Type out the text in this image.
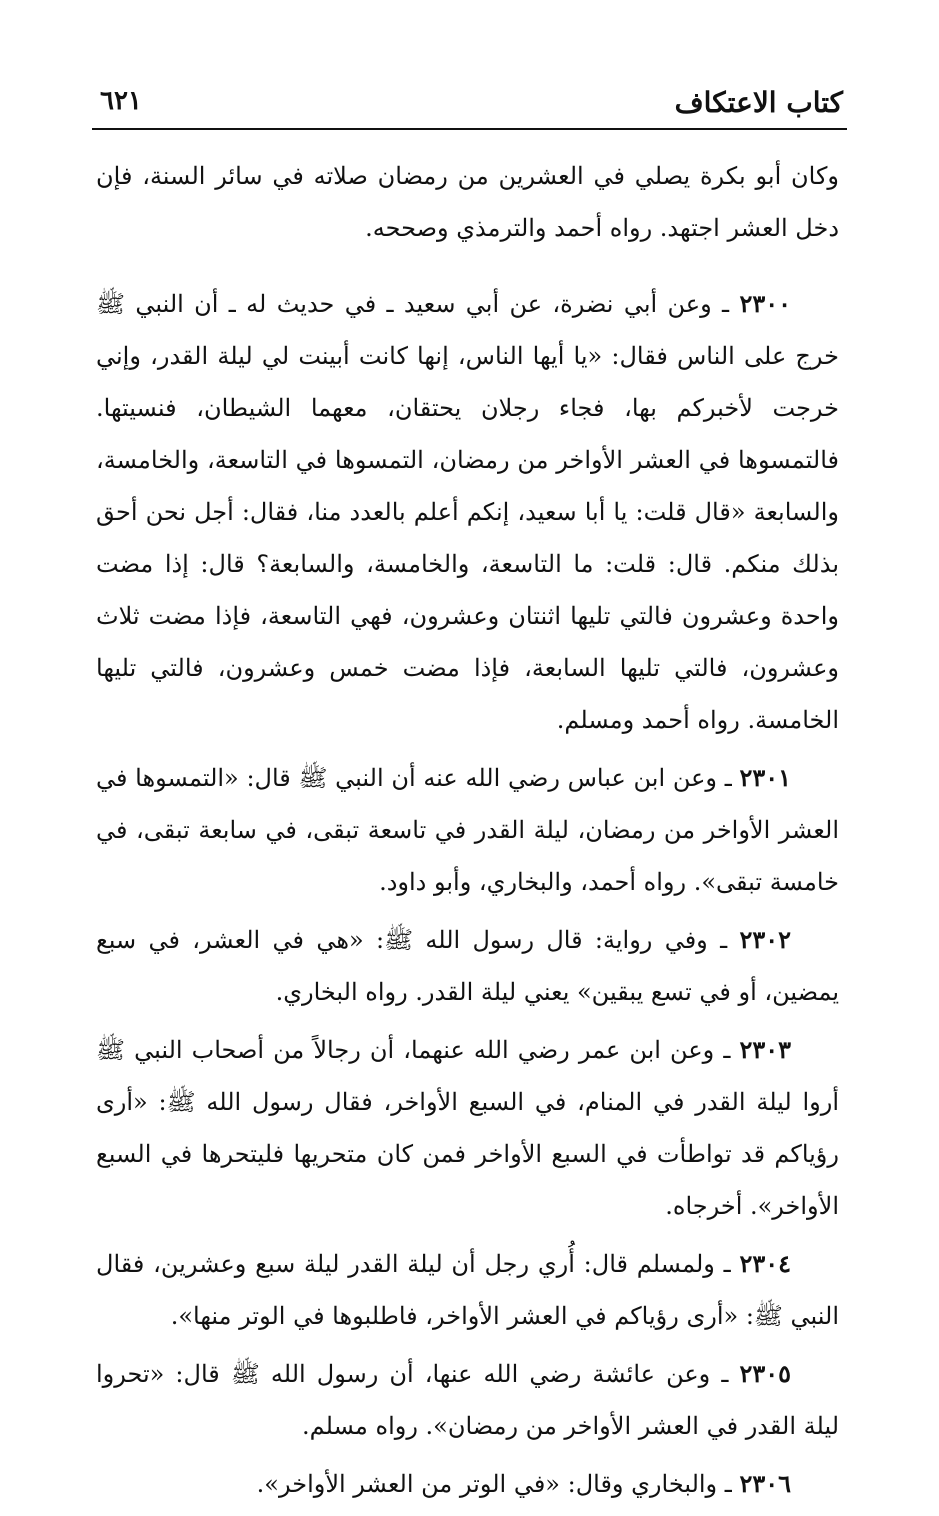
كتاب الاعتكاف
٦٢١

وكان أبو بكرة يصلي في العشرين من رمضان صلاته في سائر السنة، فإن دخل العشر اجتهد. رواه أحمد والترمذي وصححه.

٢٣٠٠ ـ وعن أبي نضرة، عن أبي سعيد ـ في حديث له ـ أن النبي ﷺ خرج على الناس فقال: «يا أيها الناس، إنها كانت أبينت لي ليلة القدر، وإني خرجت لأخبركم بها، فجاء رجلان يحتقان، معهما الشيطان، فنسيتها. فالتمسوها في العشر الأواخر من رمضان، التمسوها في التاسعة، والخامسة، والسابعة «قال قلت: يا أبا سعيد، إنكم أعلم بالعدد منا، فقال: أجل نحن أحق بذلك منكم. قال: قلت: ما التاسعة، والخامسة، والسابعة؟ قال: إذا مضت واحدة وعشرون فالتي تليها اثنتان وعشرون، فهي التاسعة، فإذا مضت ثلاث وعشرون، فالتي تليها السابعة، فإذا مضت خمس وعشرون، فالتي تليها الخامسة. رواه أحمد ومسلم.

٢٣٠١ ـ وعن ابن عباس رضي الله عنه أن النبي ﷺ قال: «التمسوها في العشر الأواخر من رمضان، ليلة القدر في تاسعة تبقى، في سابعة تبقى، في خامسة تبقى». رواه أحمد، والبخاري، وأبو داود.

٢٣٠٢ ـ وفي رواية: قال رسول الله ﷺ: «هي في العشر، في سبع يمضين، أو في تسع يبقين» يعني ليلة القدر. رواه البخاري.

٢٣٠٣ ـ وعن ابن عمر رضي الله عنهما، أن رجالاً من أصحاب النبي ﷺ أروا ليلة القدر في المنام، في السبع الأواخر، فقال رسول الله ﷺ: «أرى رؤياكم قد تواطأت في السبع الأواخر فمن كان متحريها فليتحرها في السبع الأواخر». أخرجاه.

٢٣٠٤ ـ ولمسلم قال: أُري رجل أن ليلة القدر ليلة سبع وعشرين، فقال النبي ﷺ: «أرى رؤياكم في العشر الأواخر، فاطلبوها في الوتر منها».

٢٣٠٥ ـ وعن عائشة رضي الله عنها، أن رسول الله ﷺ قال: «تحروا ليلة القدر في العشر الأواخر من رمضان». رواه مسلم.

٢٣٠٦ ـ والبخاري وقال: «في الوتر من العشر الأواخر».
